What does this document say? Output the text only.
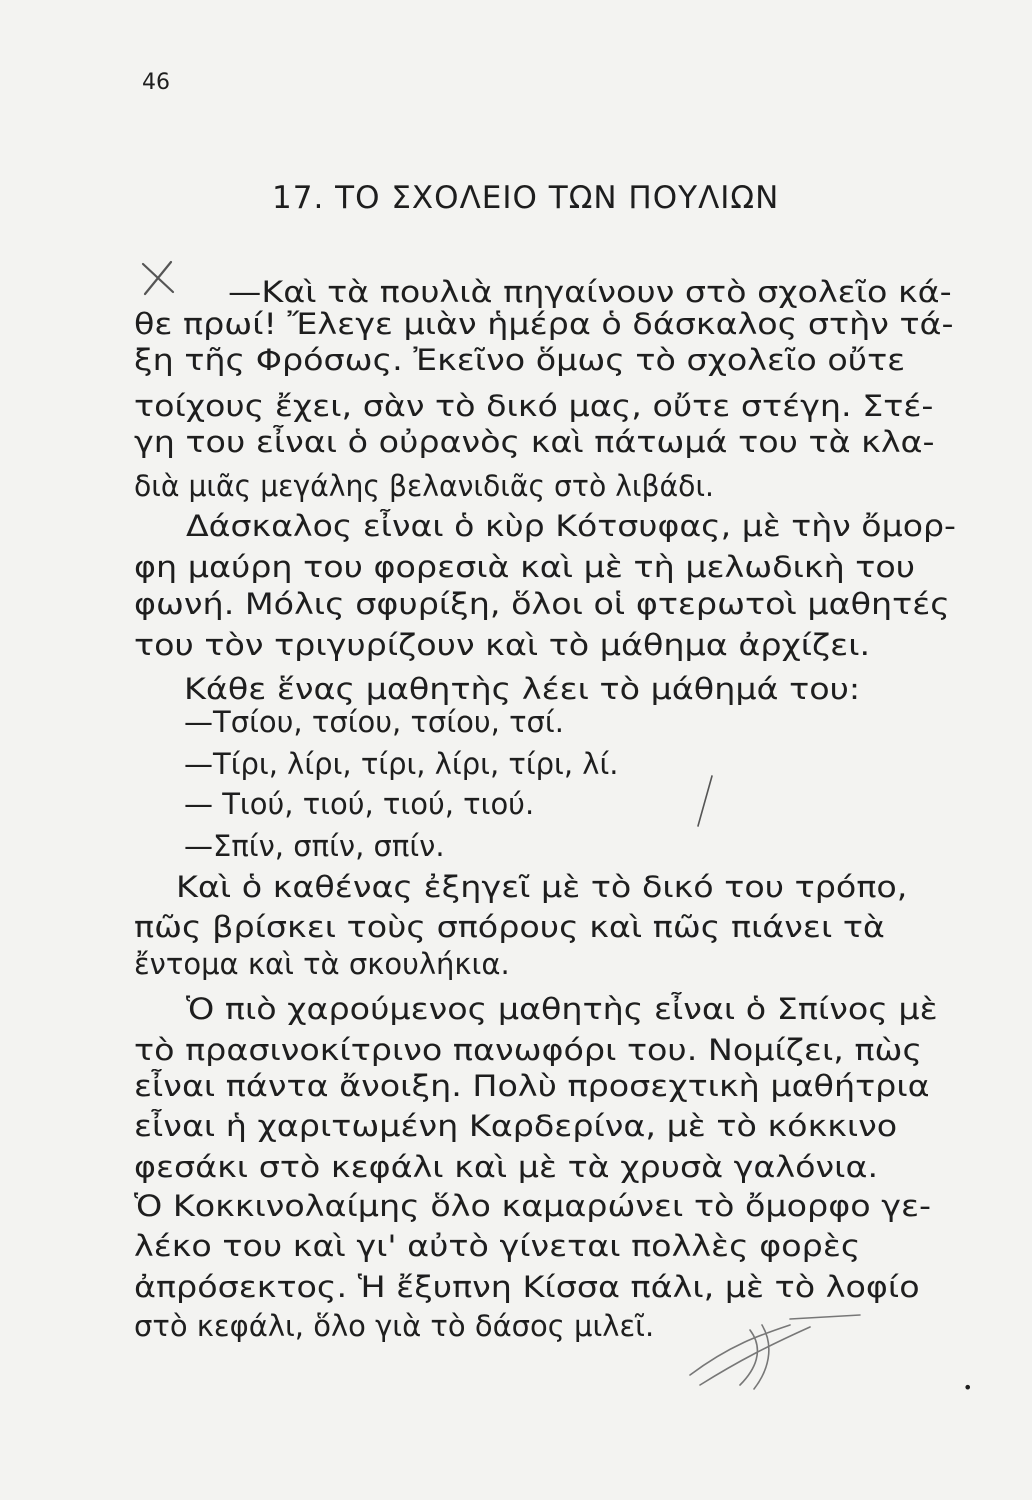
46
17. ΤΟ ΣΧΟΛΕΙΟ ΤΩΝ ΠΟΥΛΙΩΝ
—Καὶ τὰ πουλιὰ πηγαίνουν στὸ σχολεῖο κά-
θε πρωί! Ἔλεγε μιὰν ἡμέρα ὁ δάσκαλος στὴν τά-
ξη τῆς Φρόσως. Ἐκεῖνο ὅμως τὸ σχολεῖο οὔτε
τοίχους ἔχει, σὰν τὸ δικό μας, οὔτε στέγη. Στέ-
γη του εἶναι ὁ οὐρανὸς καὶ πάτωμά του τὰ κλα-
διὰ μιᾶς μεγάλης βελανιδιᾶς στὸ λιβάδι.
Δάσκαλος εἶναι ὁ κὺρ Κότσυφας, μὲ τὴν ὄμορ-
φη μαύρη του φορεσιὰ καὶ μὲ τὴ μελωδικὴ του
φωνή. Μόλις σφυρίξη, ὅλοι οἱ φτερωτοὶ μαθητές
του τὸν τριγυρίζουν καὶ τὸ μάθημα ἀρχίζει.
Κάθε ἕνας μαθητὴς λέει τὸ μάθημά του:
—Τσίου, τσίου, τσίου, τσί.
—Τίρι, λίρι, τίρι, λίρι, τίρι, λί.
— Τιού, τιού, τιού, τιού.
—Σπίν, σπίν, σπίν.
Καὶ ὁ καθένας ἐξηγεῖ μὲ τὸ δικό του τρόπο,
πῶς βρίσκει τοὺς σπόρους καὶ πῶς πιάνει τὰ
ἔντομα καὶ τὰ σκουλήκια.
Ὁ πιὸ χαρούμενος μαθητὴς εἶναι ὁ Σπίνος μὲ
τὸ πρασινοκίτρινο πανωφόρι του. Νομίζει, πὼς
εἶναι πάντα ἄνοιξη. Πολὺ προσεχτικὴ μαθήτρια
εἶναι ἡ χαριτωμένη Καρδερίνα, μὲ τὸ κόκκινο
φεσάκι στὸ κεφάλι καὶ μὲ τὰ χρυσὰ γαλόνια.
Ὁ Κοκκινολαίμης ὅλο καμαρώνει τὸ ὄμορφο γε-
λέκο του καὶ γι' αὐτὸ γίνεται πολλὲς φορὲς
ἀπρόσεκτος. Ἡ ἔξυπνη Κίσσα πάλι, μὲ τὸ λοφίο
στὸ κεφάλι, ὅλο γιὰ τὸ δάσος μιλεῖ.
•
